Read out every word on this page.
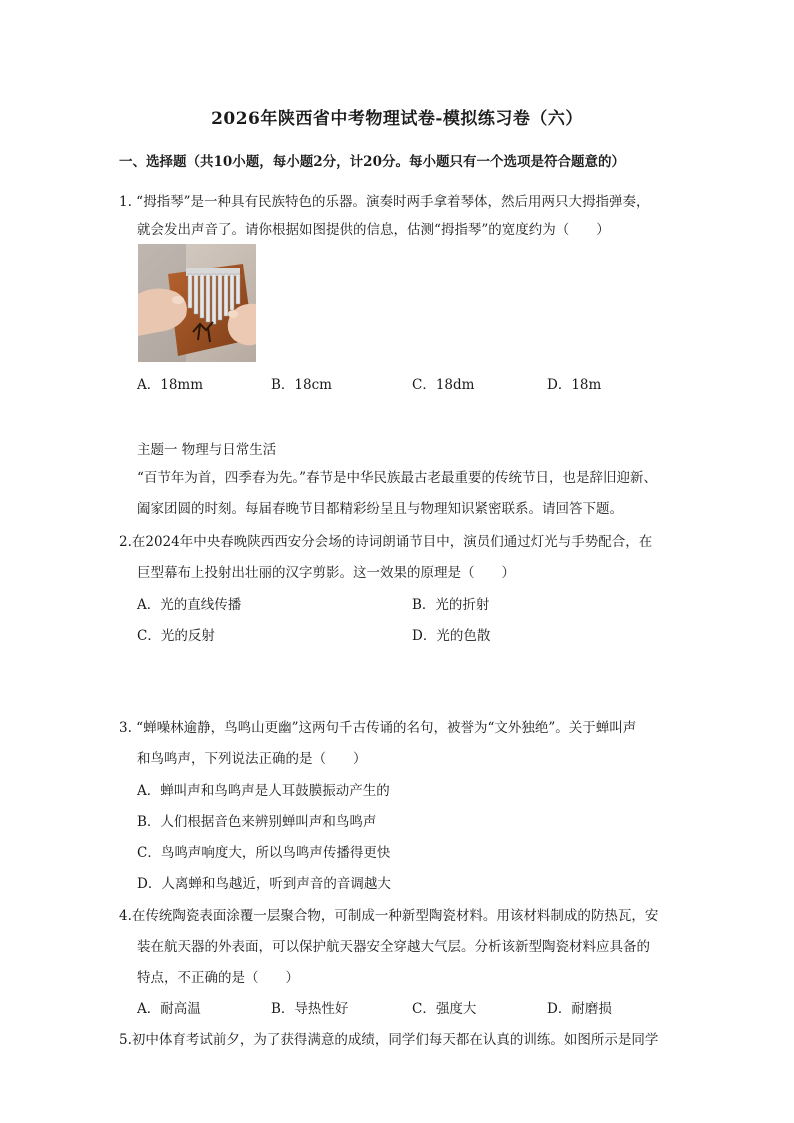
2026年陕西省中考物理试卷-模拟练习卷（六）
一、选择题（共10小题，每小题2分，计20分。每小题只有一个选项是符合题意的）
1. “拇指琴”是一种具有民族特色的乐器。演奏时两手拿着琴体，然后用两只大拇指弹奏，
就会发出声音了。请你根据如图提供的信息，估测“拇指琴”的宽度约为（　　）
A．18mm	B．18cm	C．18dm	D．18m
主题一 物理与日常生活
“百节年为首，四季春为先。”春节是中华民族最古老最重要的传统节日，也是辞旧迎新、
阖家团圆的时刻。每届春晚节目都精彩纷呈且与物理知识紧密联系。请回答下题。
2.在2024年中央春晚陕西西安分会场的诗词朗诵节目中，演员们通过灯光与手势配合，在
巨型幕布上投射出壮丽的汉字剪影。这一效果的原理是（　　）
A．光的直线传播	B．光的折射
C．光的反射	D．光的色散
3. “蝉噪林逾静，鸟鸣山更幽”这两句千古传诵的名句，被誉为“文外独绝”。关于蝉叫声
和鸟鸣声，下列说法正确的是（　　）
A．蝉叫声和鸟鸣声是人耳鼓膜振动产生的
B．人们根据音色来辨别蝉叫声和鸟鸣声
C．鸟鸣声响度大，所以鸟鸣声传播得更快
D．人离蝉和鸟越近，听到声音的音调越大
4.在传统陶瓷表面涂覆一层聚合物，可制成一种新型陶瓷材料。用该材料制成的防热瓦，安
装在航天器的外表面，可以保护航天器安全穿越大气层。分析该新型陶瓷材料应具备的
特点，不正确的是（　　）
A．耐高温	B．导热性好	C．强度大	D．耐磨损
5.初中体育考试前夕，为了获得满意的成绩，同学们每天都在认真的训练。如图所示是同学
